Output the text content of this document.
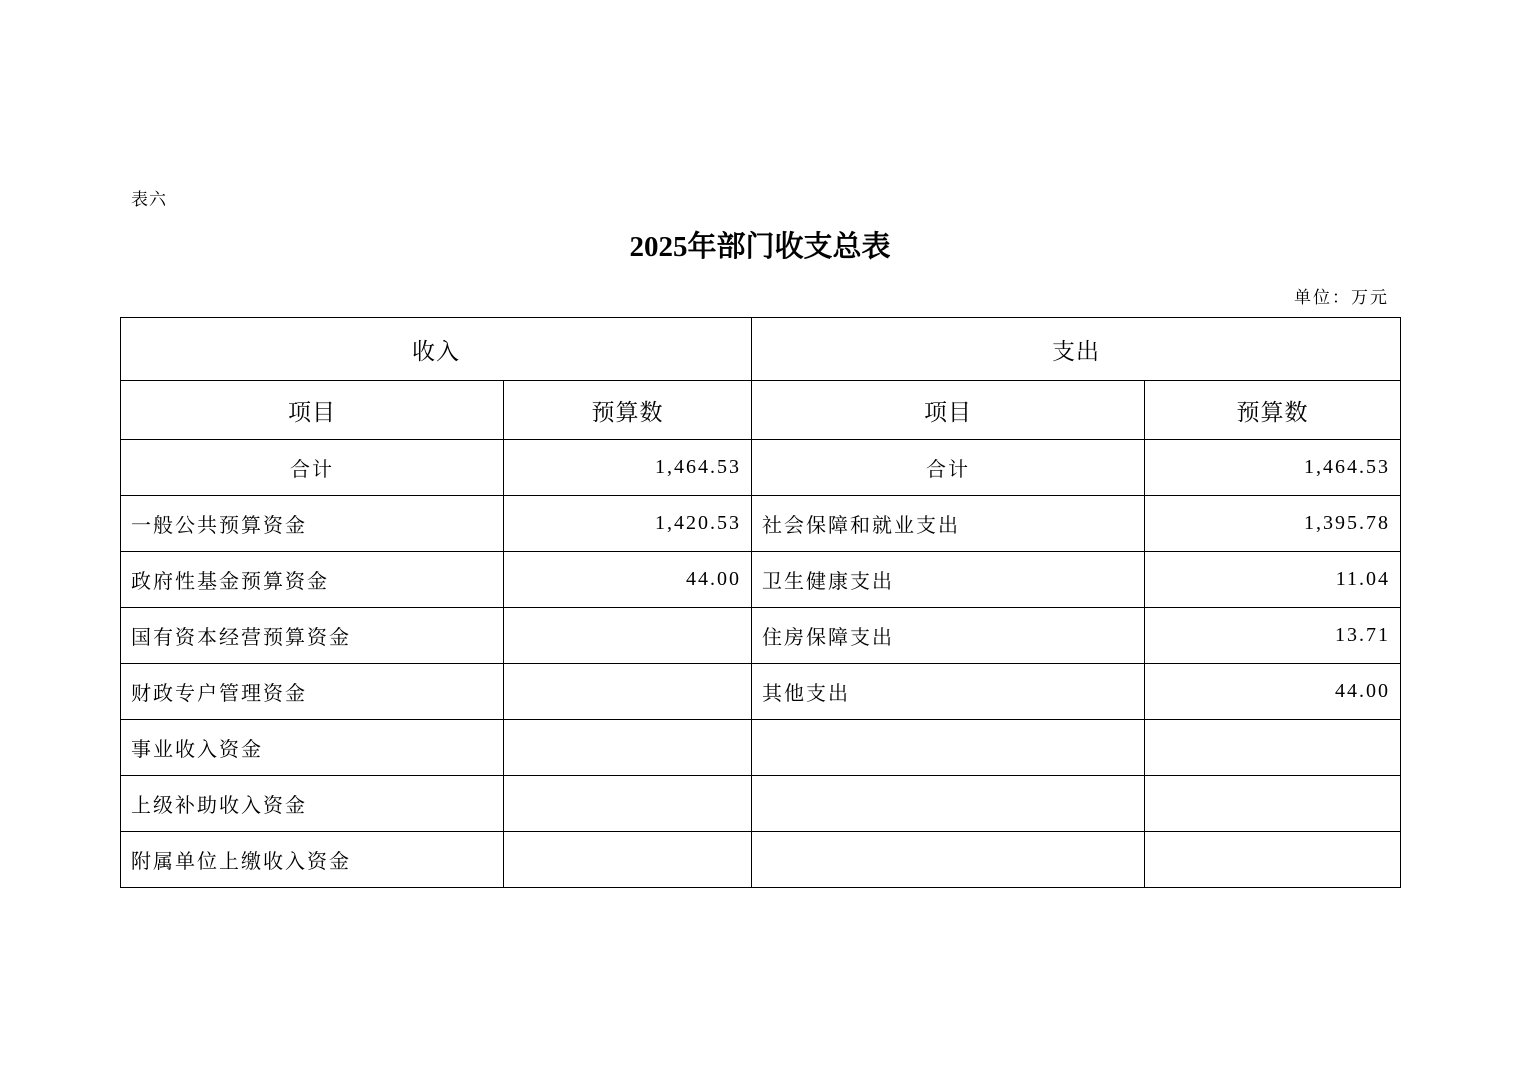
表六
2025年部门收支总表
单位：万元
收入		支出	
项目	预算数	项目	预算数
合计	1,464.53	合计	1,464.53
一般公共预算资金	1,420.53	社会保障和就业支出	1,395.78
政府性基金预算资金	44.00	卫生健康支出	11.04
国有资本经营预算资金		住房保障支出	13.71
财政专户管理资金		其他支出	44.00
事业收入资金			
上级补助收入资金			
附属单位上缴收入资金			
